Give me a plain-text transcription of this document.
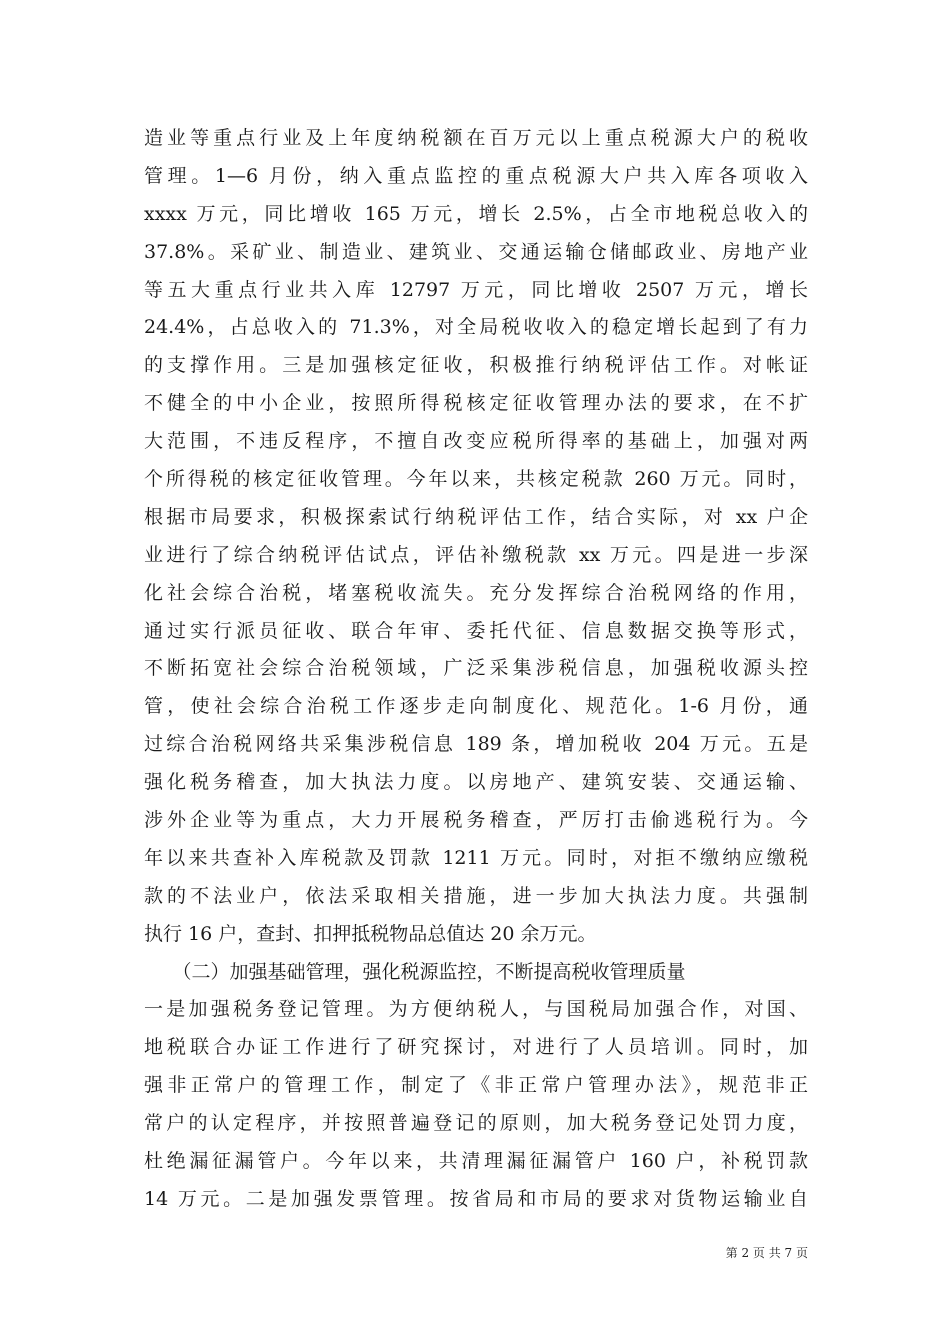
造业等重点行业及上年度纳税额在百万元以上重点税源大户的税收
管理。1—6 月份，纳入重点监控的重点税源大户共入库各项收入
xxxx 万元，同比增收 165 万元，增长 2.5%，占全市地税总收入的
37.8%。采矿业、制造业、建筑业、交通运输仓储邮政业、房地产业
等五大重点行业共入库 12797 万元，同比增收 2507 万元，增长
24.4%，占总收入的 71.3%，对全局税收收入的稳定增长起到了有力
的支撑作用。三是加强核定征收，积极推行纳税评估工作。对帐证
不健全的中小企业，按照所得税核定征收管理办法的要求，在不扩
大范围，不违反程序，不擅自改变应税所得率的基础上，加强对两
个所得税的核定征收管理。今年以来，共核定税款 260 万元。同时，
根据市局要求，积极探索试行纳税评估工作，结合实际，对 xx 户企
业进行了综合纳税评估试点，评估补缴税款 xx 万元。四是进一步深
化社会综合治税，堵塞税收流失。充分发挥综合治税网络的作用，
通过实行派员征收、联合年审、委托代征、信息数据交换等形式，
不断拓宽社会综合治税领域，广泛采集涉税信息，加强税收源头控
管，使社会综合治税工作逐步走向制度化、规范化。1-6 月份，通
过综合治税网络共采集涉税信息 189 条，增加税收 204 万元。五是
强化税务稽查，加大执法力度。以房地产、建筑安装、交通运输、
涉外企业等为重点，大力开展税务稽查，严厉打击偷逃税行为。今
年以来共查补入库税款及罚款 1211 万元。同时，对拒不缴纳应缴税
款的不法业户，依法采取相关措施，进一步加大执法力度。共强制
执行 16 户，查封、扣押抵税物品总值达 20 余万元。
　　（二）加强基础管理，强化税源监控，不断提高税收管理质量
一是加强税务登记管理。为方便纳税人，与国税局加强合作，对国、
地税联合办证工作进行了研究探讨，对进行了人员培训。同时，加
强非正常户的管理工作，制定了《非正常户管理办法》，规范非正
常户的认定程序，并按照普遍登记的原则，加大税务登记处罚力度，
杜绝漏征漏管户。今年以来，共清理漏征漏管户 160 户，补税罚款
14 万元。二是加强发票管理。按省局和市局的要求对货物运输业自
第 2 页 共 7 页
